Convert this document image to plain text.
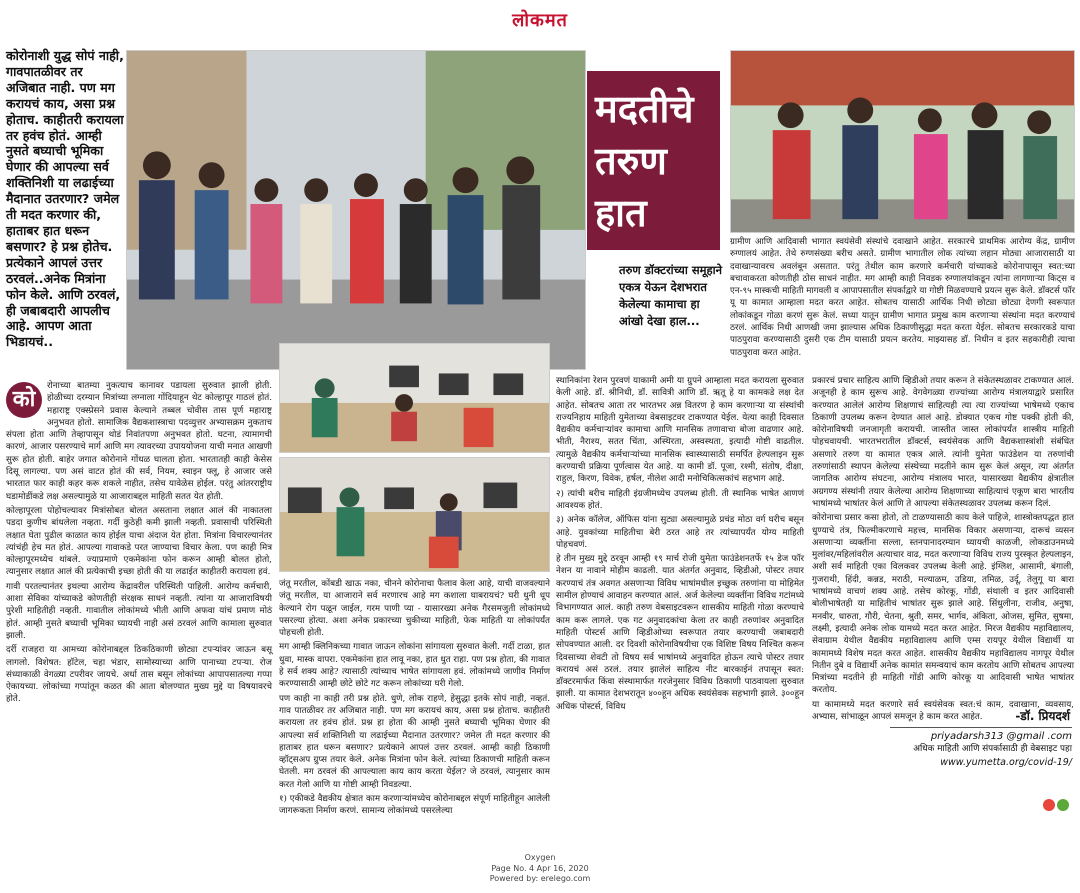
लोकमत
कोरोनाशी युद्ध सोपं नाही, गावपातळीवर तर अजिबात नाही. पण मग करायचं काय, असा प्रश्न होताच. काहीतरी करायला तर हवंच होतं. आम्ही नुसते बघ्याची भूमिका घेणार की आपल्या सर्व शक्तिनिशी या लढाईच्या मैदानात उतरणार? जमेल ती मदत करणार की, हाताबर हात धरून बसणार? हे प्रश्न होतेच. प्रत्येकाने आपलं उत्तर ठरवलं..अनेक मित्रांना फोन केले. आणि ठरवलं, ही जबाबदारी आपलीच आहे. आपण आता भिडायचं..
मदतीचे तरुण हात
तरुण डॉक्टरांच्या समूहाने एकत्र येऊन देशभरात केलेल्या कामाचा हा आंखो देखा हाल...
ग्रामीण आणि आदिवासी भागात स्वयंसेवी संस्थांचे दवाखाने आहेत. सरकारचे प्राथमिक आरोग्य केंद्र, ग्रामीण रुग्णालयं आहेत. तेथे रुग्णसंख्या बरीच असते. ग्रामीण भागातील लोक त्यांच्या लहान मोठ्या आजारासाठी या दवाखान्यावरच अवलंबून असतात. परंतु तेथील काम करणारे कर्मचारी यांच्याकडे कोरोनापासून स्वत:च्या बचावाकरता कोणतीही ठोस साधनं नाहीत. मग आम्ही काही निवडक रुग्णालयांकडून त्यांना लागणाऱ्या किट्स व एन-९५ मास्कची माहिती मागवली व आपापसातील संपर्काद्वारे या गोष्टी मिळवण्याचे प्रयत्न सुरू केले. डॉक्टर्स फॉर यू या कामात आम्हाला मदत करत आहेत. सोबतच यासाठी आर्थिक निधी छोट्या छोट्या देणगी स्वरूपात लोकांकडून गोळा करणं सुरू केलं. सध्या यातून ग्रामीण भागात प्रमुख काम करणाऱ्या संस्थांना मदत करण्याचं ठरलं. आर्थिक निधी आणखी जमा झाल्यास अधिक ठिकाणीसुद्धा मदत करता येईल. सोबतच सरकारकडे याचा पाठपुरावा करण्यासाठी दुसरी एक टीम यासाठी प्रयत्न करतेय. माझ्यासह डॉ. निधीन व इतर सहकारीही त्याचा पाठपुरावा करत आहेत.
को

रोनाच्या बातम्या नुकत्याच कानावर पडायला सुरुवात झाली होती. होळीच्या दरम्यान मित्रांच्या लग्नाला गोंदियाहून थेट कोल्हापूर गाठलं होतं. महाराष्ट्र एक्स्प्रेसने प्रवास केल्याने तब्बल चोवीस तास पूर्ण महाराष्ट्र अनुभवत होतो. सामाजिक वैद्यकशास्त्राचा पदव्युत्तर अभ्यासक्रम नुकताच संपला होता आणि तेव्हापासून थोडं निवांतपणा अनुभवत होतो. घटना, त्यामागची कारणं, आजार पसरण्याचे मार्ग आणि मग त्यावरच्या उपाययोजना याची मनात आखणी सुरू होत होती. बाहेर जगात कोरोनाने गोंधळ घालता होता. भारतातही काही केसेस दिसू लागल्या. पण असं वाटत होतं की सर्व, नियम, स्वाइन फ्लू, हे आजार जसे भारतात फार काही कहर करू शकले नाहीत, तसेच यावेळेस होईल. परंतु आंतरराष्ट्रीय घडामोडींकडे लक्ष असल्यामुळे या आजाराबद्दल माहिती सतत येत होती.

कोल्हापूरला पोहोचल्यावर मित्रांसोबत बोलत असताना लक्षात आलं की नाकातला पडदा कुणीच बांधलेला नव्हता. गर्दी कुठेही कमी झाली नव्हती. प्रवासाची परिस्थिती लक्षात घेता पुढील काळात काय होईल याचा अंदाज येत होता. मित्रांना विचारल्यानंतर त्यांचंही हेच मत होतं. आपल्या गावाकडे परत जाण्याचा विचार केला. पण काही मित्र कोल्हापूरमध्येच थांबले. ज्याप्रमाणे एकमेकांना फोन करून आम्ही बोलत होतो, त्यानुसार लक्षात आलं की प्रत्येकाची इच्छा होती की या लढाईत काहीतरी करायला हवं.

गावी परतल्यानंतर इथल्या आरोग्य केंद्रावरील परिस्थिती पाहिली. आरोग्य कर्मचारी, आशा सेविका यांच्याकडे कोणतीही संरक्षक साधनं नव्हती. त्यांना या आजाराविषयी पुरेशी माहितीही नव्हती. गावातील लोकांमध्ये भीती आणि अफवा यांचं प्रमाण मोठं होतं. आम्ही नुसते बघ्याची भूमिका घ्यायची नाही असं ठरवलं आणि कामाला सुरुवात झाली.

दर्री राजहरा या आमच्या कोरोनाबद्दल ठिकठिकाणी छोट्या टपऱ्यांवर जाऊन बसू लागलो. विशेषत: हॉटेल, चहा भंडार, सामोस्याच्या आणि पानाच्या टपऱ्या. रोज संध्याकाळी वेगळ्या टपरीवर जायचे. अर्धा तास बसून लोकांच्या आपापसातल्या गप्पा ऐकायच्या. लोकांच्या गप्पांतून कळत की आता बोलण्यात मुख्य मुद्दे या विषयावरचे होते.

जंतू मरतील, कोंबडी खाऊ नका, चीनने कोरोनाचा फैलाव केला आहे, याची वाजवल्याने जंतू मरतील, या आजाराने सर्व मरणारच आहे मग कशाला घाबरायचं? घरी धुनी धूप केल्याने रोग पळून जाईल, गरम पाणी प्या - यासारख्या अनेक गैरसमजुती लोकांमध्ये पसरल्या होत्या. अशा अनेक प्रकारच्या चुकीच्या माहिती, फेक माहिती या लोकांपर्यंत पोहचली होती.

मग आम्ही क्लिनिकच्या गावात जाऊन लोकांना सांगायला सुरुवात केली. गर्दी टाळा, हात धुवा, मास्क वापरा. एकमेकांना हात लावू नका, हात धुत राहा. पण प्रश्न होता, की गावात हे सर्व शक्य आहे? त्यासाठी त्यांच्याच भाषेत सांगायला हवं. लोकांमध्ये जाणीव निर्माण करण्यासाठी आम्ही छोटे छोटे गट करून लोकांच्या घरी गेलो.

पण काही ना काही तरी प्रश्न होते. धुणे, लोक राहणे, हेसुद्धा इतके सोपं नाही, नव्हतं. गाव पातळीवर तर अजिबात नाही. पण मग करायचं काय, असा प्रश्न होताच. काहीतरी करायला तर हवंच होतं. प्रश्न हा होता की आम्ही नुसते बघ्याची भूमिका घेणार की आपल्या सर्व शक्तिनिशी या लढाईच्या मैदानात उतरणार? जमेल ती मदत करणार की हाताबर हात धरून बसणार? प्रत्येकाने आपलं उत्तर ठरवलं. आम्ही काही ठिकाणी व्हॉट्सअप ग्रुप्स तयार केले. अनेक मित्रांना फोन केले. त्यांच्या ठिकाणची माहिती करून घेतली. मग ठरवलं की आपल्याला काय काय करता येईल? जे ठरवलं, त्यानुसार काम करत गेलो आणि या गोष्टी आम्ही निवडल्या.

१) एकीकडे वैद्यकीय क्षेत्रात काम करणाऱ्यांमध्येच कोरोनाबद्दल संपूर्ण माहितीहून आलेली जागरूकता निर्माण करणं. सामान्य लोकांमध्ये पसरलेल्या

स्थानिकांना रेशन पुरवणं याकामी अमी या ग्रुपने आम्हाला मदत करायला सुरुवात केली आहे. डॉ. श्रीनिधी, डॉ. सावित्री आणि डॉ. ऋतू हे या कामकडे लक्ष देत आहेत. सोबतच आता तर भारतभर अन्न वितरण हे काम करणाऱ्या या संस्थांची राज्यनिहाय माहिती युमेताच्या वेबसाइटवर टाकण्यात येईल. येत्या काही दिवसात वैद्यकीय कर्मचाऱ्यांवर कामाचा आणि मानसिक तणावाचा बोजा वाढणार आहे. भीती, नैराश्य, सतत चिंता, अस्थिरता, अस्वस्थता, इत्यादी गोष्टी वाढतील. त्यामुळे वैद्यकीय कर्मचाऱ्यांच्या मानसिक स्वास्थ्यासाठी समर्पित हेल्पलाइन सुरू करण्याची प्रक्रिया पूर्णत्वास येत आहे. या कामी डॉ. पूजा, रश्मी, संतोष, दीक्षा, राहुल, किरण, विवेक, हर्षल, नीलेश आदी मनोचिकित्सकांचं सहभाग आहे.

२) त्यांची बरीच माहिती इंग्रजीमध्येच उपलब्ध होती. ती स्थानिक भाषेत आणणं आवश्यक होतं.

३) अनेक कॉलेज, ऑफिस यांना सुट्या असल्यामुळे प्रचंड मोठा वर्ग घरीच बसून आहे. युवकांच्या माहितीचा बेरी ठरत आहे तर त्यांच्यापर्यंत योग्य माहिती पोहचवणं.

हे तीन मुख्य मुद्दे ठरवून आम्ही १९ मार्च रोजी युमेता फाउंडेशनतर्फे १५ डेज फॉर नेशन या नावाने मोहीम काढली. यात अंतर्गत अनुवाद, व्हिडीओ, पोस्टर तयार करण्याचं तंत्र अवगत असणाऱ्या विविध भाषांमधील इच्छुक तरुणांना या मोहिमेत सामील होण्याचं आवाहन करण्यात आलं. अर्ज केलेल्या व्यक्तींना विविध गटांमध्ये विभागण्यात आलं. काही तरुण वेबसाइटवरून शासकीय माहिती गोळा करण्याचे काम करू लागले. एक गट अनुवादकांचा केला तर काही तरुणांवर अनुवादित माहिती पोस्टर्स आणि व्हिडीओच्या स्वरूपात तयार करण्याची जबाबदारी सोपवण्यात आली. दर दिवशी कोरोनाविषयीचा एक विशिष्ट विषय निश्चित करून दिवसाच्या शेवटी तो विषय सर्व भाषांमध्ये अनुवादित होऊन त्याचे पोस्टर तयार करायचं असं ठरलं. तयार झालेलं साहित्य नीट बारकाईनं तपासून स्वत: डॉक्टरमार्फत किंवा संस्थामार्फत गरजेनुसार विविध ठिकाणी पाठवायला सुरुवात झाली. या कामात देशभरातून ४००हून अधिक स्वयंसेवक सहभागी झाले. ३००हून अधिक पोस्टर्स, विविध

प्रकारचं प्रचार साहित्य आणि व्हिडीओ तयार करून ते संकेतस्थळावर टाकण्यात आलं. अजूनही हे काम सुरूच आहे. वेगवेगळ्या राज्यांच्या आरोग्य मंत्रालयाद्वारे प्रसारित करण्यात आलेलं आरोग्य शिक्षणाचं साहित्यही त्या त्या राज्यांच्या भाषेमध्ये एकाच ठिकाणी उपलब्ध करून देण्यात आलं आहे. डोक्यात एकच गोष्ट पक्की होती की, कोरोनाविषयी जनजागृती करायची. जास्तीत जास्त लोकांपर्यंत शास्त्रीय माहिती पोहचवायची. भारतभरातील डॉक्टर्स, स्वयंसेवक आणि वैद्यकशास्त्रांशी संबंधित असणारे तरुण या कामात एकत्र आले. त्यांनी युमेता फाउंडेशन या तरुणांची तरुणांसाठी स्थापन केलेल्या संस्थेच्या मदतीने काम सुरू केलं असून, त्या अंतर्गत जागतिक आरोग्य संघटना, आरोग्य मंत्रालय भारत, यासारख्या वैद्यकीय क्षेत्रातील अग्रगण्य संस्थांनी तयार केलेल्या आरोग्य शिक्षणाच्या साहित्याचं एकूण बारा भारतीय भाषांमध्ये भाषांतर केलं आणि ते आपल्या संकेतस्थळावर उपलब्ध करून दिलं.

कोरोनाचा प्रसार कसा होतो, तो टाळण्यासाठी काय केले पाहिजे, शास्त्रोक्तपद्धत हात धुण्याचे तंत्र, फिल्मीकरणाचे महत्त्व, मानसिक विकार असणाऱ्या, दारूचं व्यसन असणाऱ्या व्यक्तींना सल्ला, स्तनपानादरम्यान घ्यायची काळजी, लोकडाउनमध्ये मुलांवर/महिलांवरील अत्याचार वाढ, मदत करणाऱ्या विविध राज्य पुरस्कृत हेल्पलाइन, अशी सर्व माहिती एका विलकवर उपलब्ध केली आहे. इंग्लिश, आसामी, बंगाली, गुजराथी, हिंदी, कन्नड, मराठी, मल्याळम, उडिया, तमिळ, उर्दू, तेलुगू या बारा भाषांमध्ये वाचणं शक्य आहे. तसेच कोरकू, गोंडी, संथाली व इतर आदिवासी बोलीभाषेतही या माहितीचं भाषांतर सुरू झाले आहे. सिंधुलीना, राजीव, अनुषा, मनवीर, धारुता, गौरी, चेतना, श्रुती, समर, भार्गव, अंकिता, ओजस, सुमित, सुषमा, लक्ष्मी, इत्यादी अनेक लोक यामध्ये मदत करत आहेत. मिरज वैद्यकीय महाविद्यालय, सेवाग्राम येथील वैद्यकीय महाविद्यालय आणि एम्स रायपूर येथील विद्यार्थी या कामामध्ये विशेष मदत करत आहेत. शासकीय वैद्यकीय महाविद्यालय नागपूर येथील नितीन दुबे व विद्यार्थी अनेक कामांत समन्वयाचं काम करतोय आणि सोबतच आपल्या मित्रांच्या मदतीने ही माहिती गोंडी आणि कोरकू या आदिवासी भाषेत भाषांतर करतोय.

या कामामध्ये मदत करणारे सर्व स्वयंसेवक स्वत:चं काम, दवाखाना, व्यवसाय, अभ्यास, सांभाळून आपलं समजून हे काम करत आहेत.	-डॉ. प्रियदर्श
priyadarsh313 @gmail .com
अधिक माहिती आणि संपर्कासाठी ही वेबसाइट पहा
www.yumetta.org/covid-19/
Oxygen
Page No. 4 Apr 16, 2020
Powered by: erelego.com
